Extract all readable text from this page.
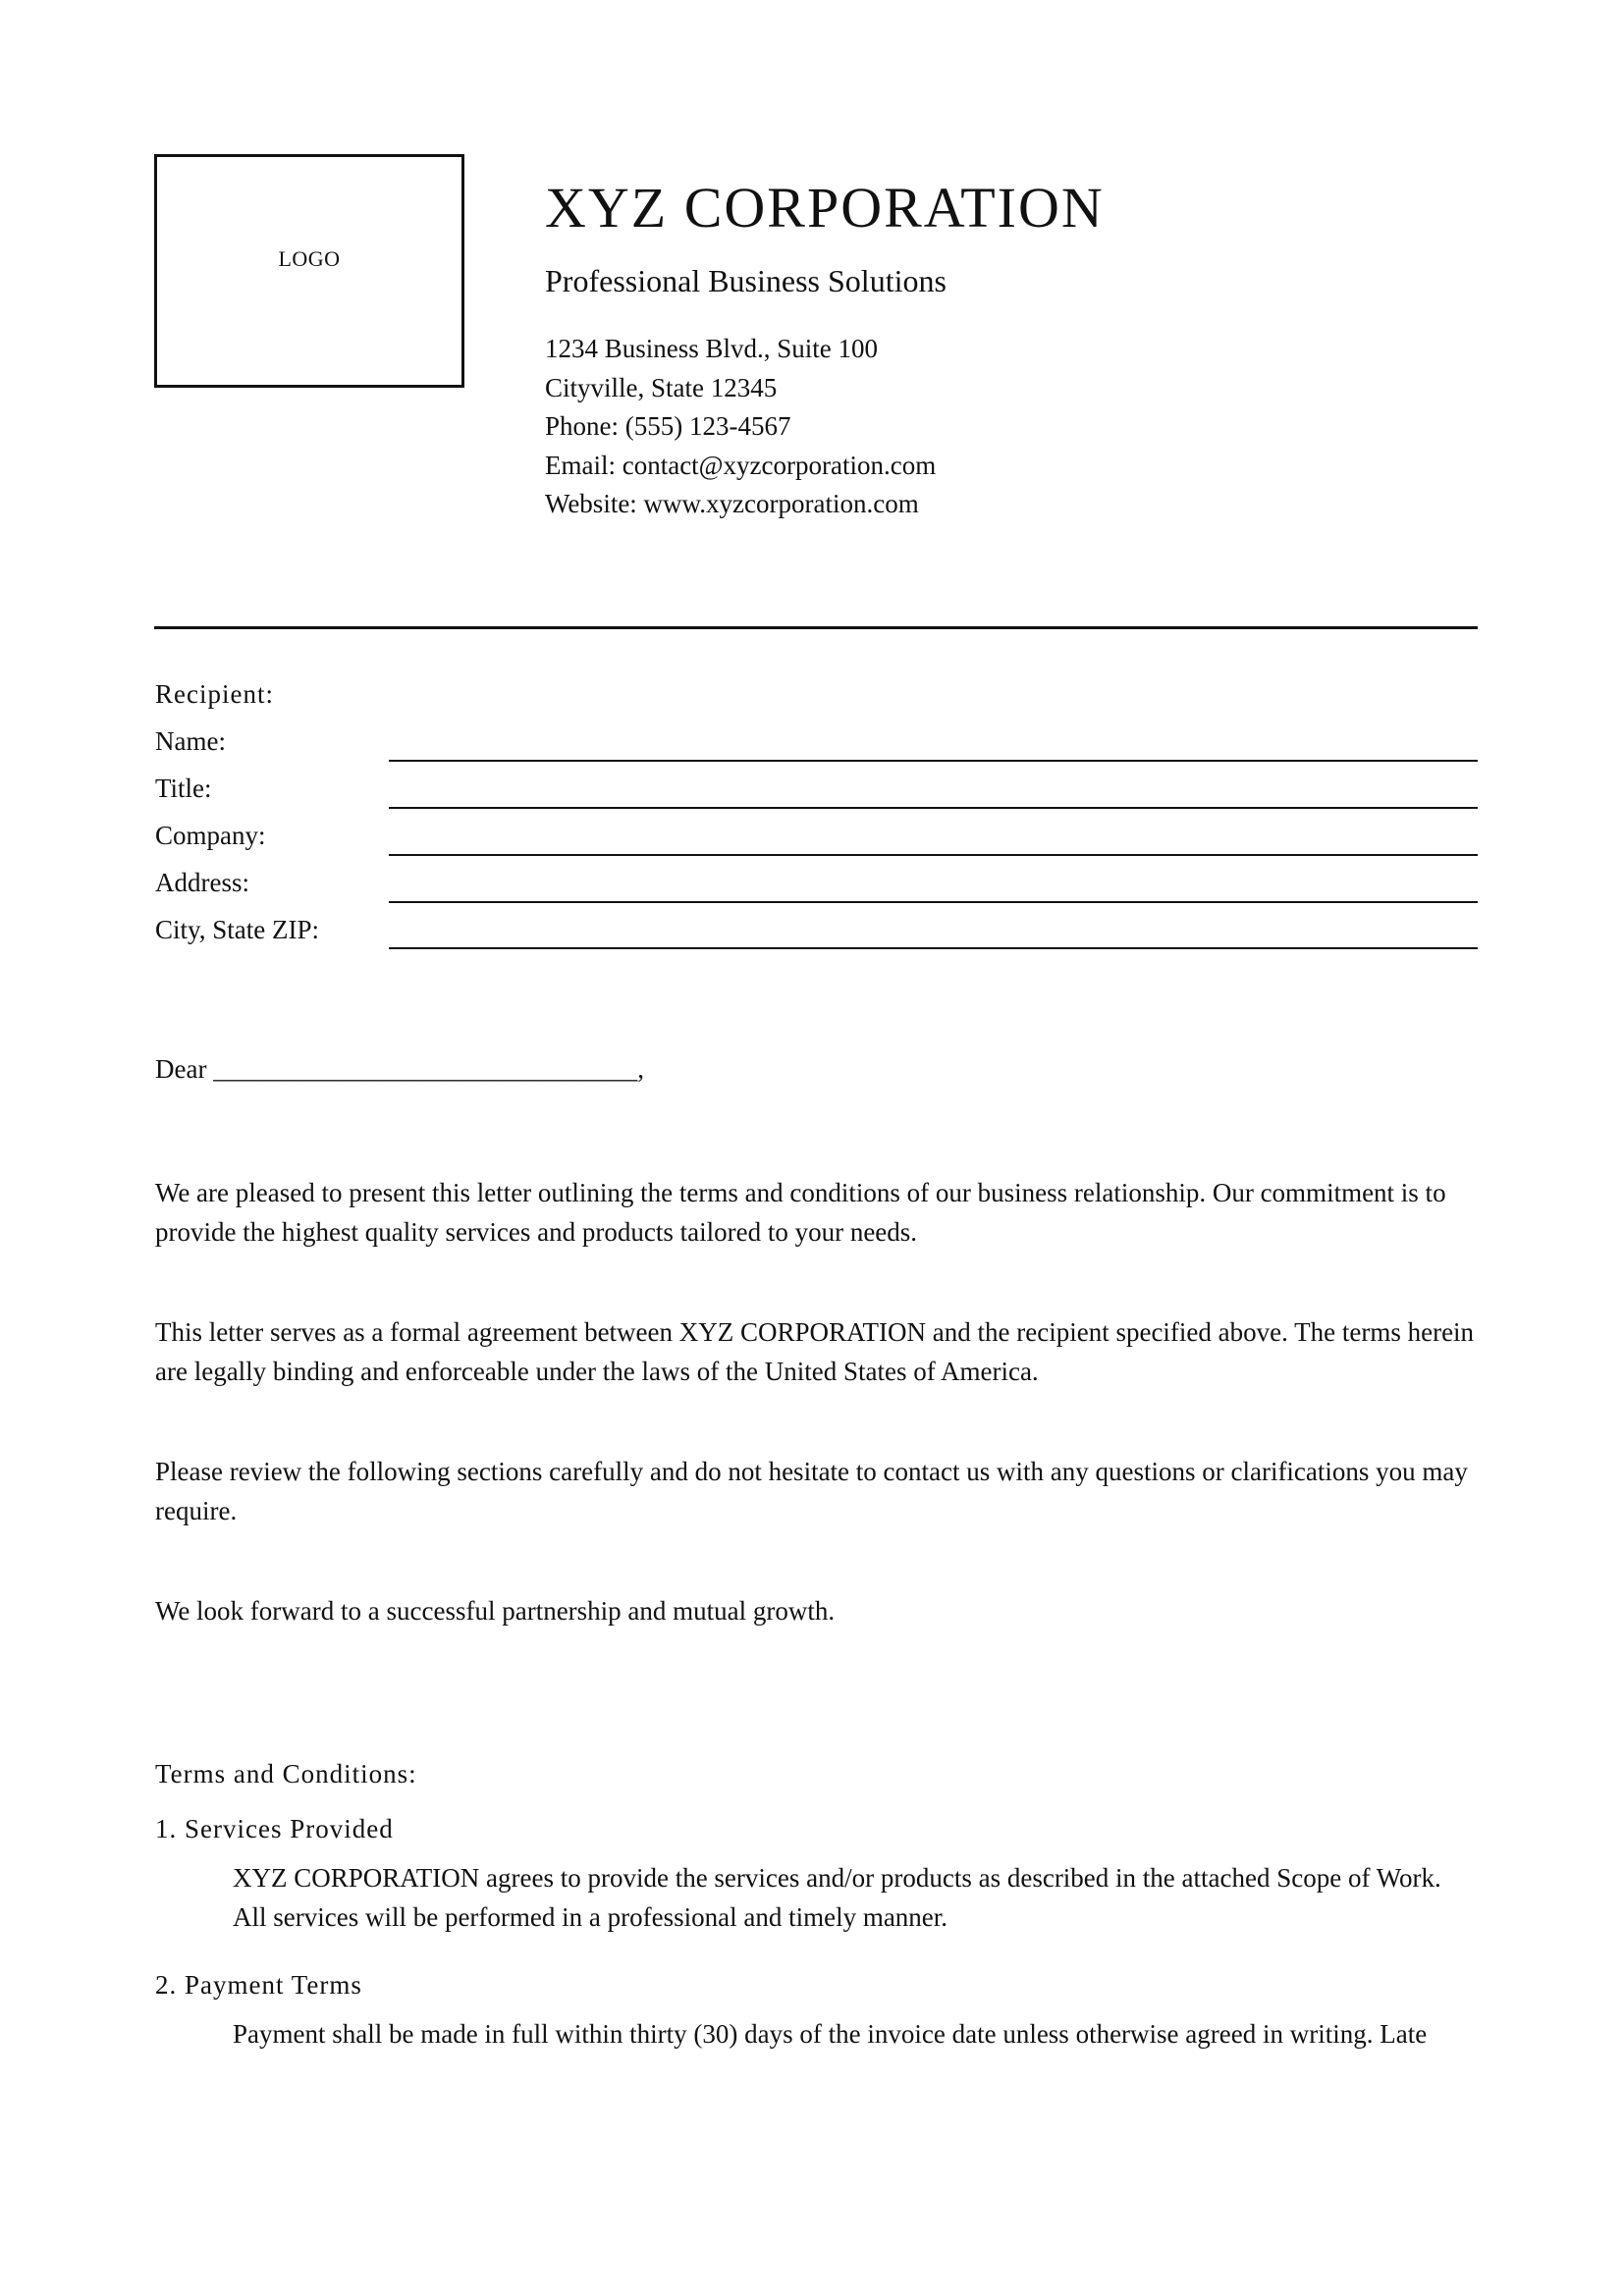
LOGO
XYZ CORPORATION
Professional Business Solutions
1234 Business Blvd., Suite 100
Cityville, State 12345
Phone: (555) 123-4567
Email: contact@xyzcorporation.com
Website: www.xyzcorporation.com
Recipient:
Name:
Title:
Company:
Address:
City, State ZIP:
Dear ________________________________,

We are pleased to present this letter outlining the terms and conditions of our business relationship. Our commitment is to provide the highest quality services and products tailored to your needs.

This letter serves as a formal agreement between XYZ CORPORATION and the recipient specified above. The terms herein are legally binding and enforceable under the laws of the United States of America.

Please review the following sections carefully and do not hesitate to contact us with any questions or clarifications you may require.

We look forward to a successful partnership and mutual growth.

Terms and Conditions:
1. Services Provided

XYZ CORPORATION agrees to provide the services and/or products as described in the attached Scope of Work. All services will be performed in a professional and timely manner.

2. Payment Terms

Payment shall be made in full within thirty (30) days of the invoice date unless otherwise agreed in writing. Late
